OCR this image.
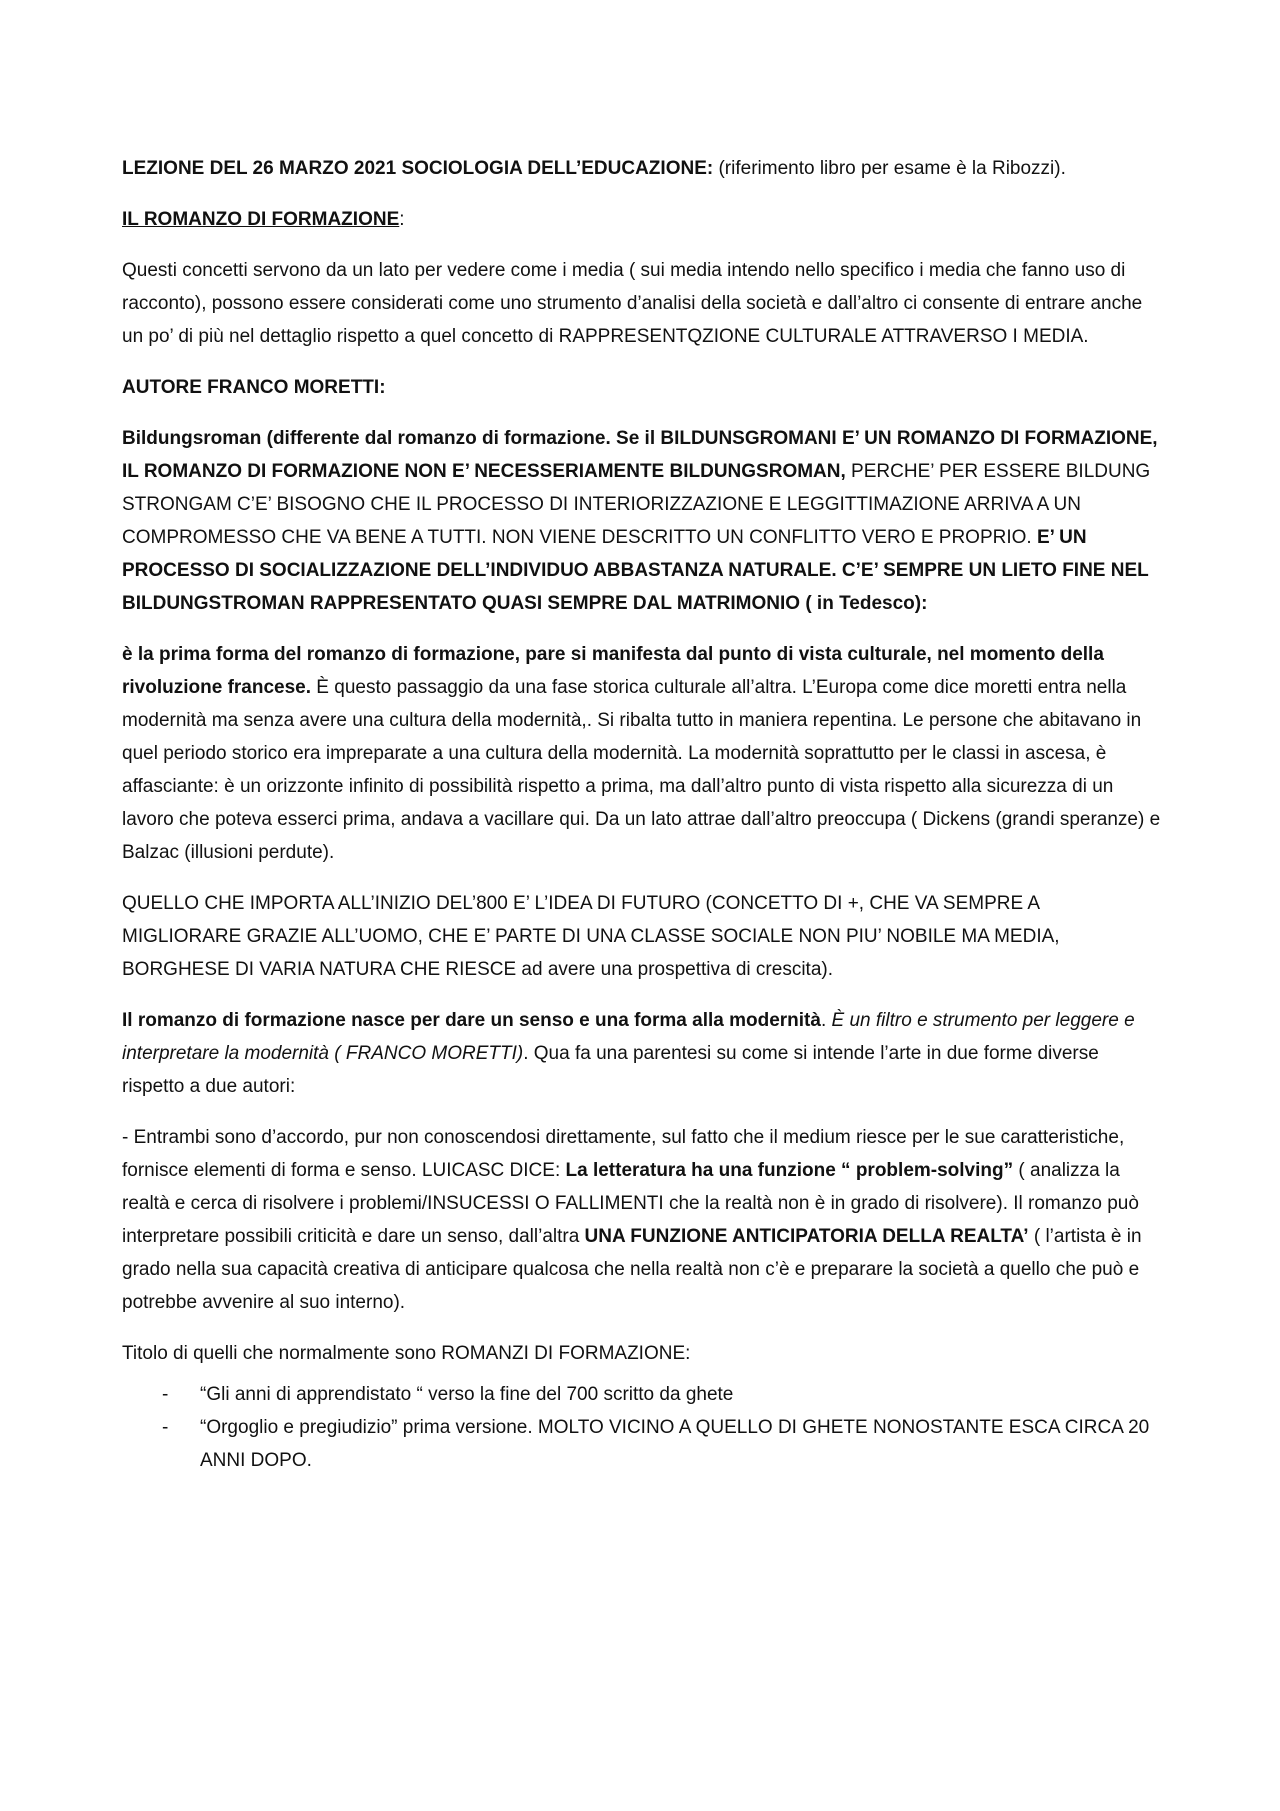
LEZIONE DEL 26 MARZO 2021 SOCIOLOGIA DELL’EDUCAZIONE: (riferimento libro per esame è la Ribozzi).

IL ROMANZO DI FORMAZIONE:

Questi concetti servono da un lato per vedere come i media ( sui media intendo nello specifico i media che fanno uso di racconto), possono essere considerati come uno strumento d’analisi della società e dall’altro ci consente di entrare anche un po’ di più nel dettaglio rispetto a quel concetto di RAPPRESENTQZIONE CULTURALE ATTRAVERSO I MEDIA.

AUTORE FRANCO MORETTI:

Bildungsroman (differente dal romanzo di formazione. Se il BILDUNSGROMANI E’ UN ROMANZO DI FORMAZIONE, IL ROMANZO DI FORMAZIONE NON E’ NECESSERIAMENTE BILDUNGSROMAN, PERCHE’ PER ESSERE BILDUNG STRONGAM C’E’ BISOGNO CHE IL PROCESSO DI INTERIORIZZAZIONE E LEGGITTIMAZIONE ARRIVA A UN COMPROMESSO CHE VA BENE A TUTTI. NON VIENE DESCRITTO UN CONFLITTO VERO E PROPRIO. E’ UN PROCESSO DI SOCIALIZZAZIONE DELL’INDIVIDUO ABBASTANZA NATURALE. C’E’ SEMPRE UN LIETO FINE NEL BILDUNGSTROMAN RAPPRESENTATO QUASI SEMPRE DAL MATRIMONIO ( in Tedesco):

è la prima forma del romanzo di formazione, pare si manifesta dal punto di vista culturale, nel momento della rivoluzione francese. È questo passaggio da una fase storica culturale all’altra. L’Europa come dice moretti entra nella modernità ma senza avere una cultura della modernità,. Si ribalta tutto in maniera repentina. Le persone che abitavano in quel periodo storico era impreparate a una cultura della modernità. La modernità soprattutto per le classi in ascesa, è affasciante: è un orizzonte infinito di possibilità rispetto a prima, ma dall’altro punto di vista rispetto alla sicurezza di un lavoro che poteva esserci prima, andava a vacillare qui. Da un lato attrae dall’altro preoccupa ( Dickens (grandi speranze) e Balzac (illusioni perdute).

QUELLO CHE IMPORTA ALL’INIZIO DEL’800 E’ L’IDEA DI FUTURO (CONCETTO DI +, CHE VA SEMPRE A MIGLIORARE GRAZIE ALL’UOMO, CHE E’ PARTE DI UNA CLASSE SOCIALE NON PIU’ NOBILE MA MEDIA, BORGHESE DI VARIA NATURA CHE RIESCE ad avere una prospettiva di crescita).

Il romanzo di formazione nasce per dare un senso e una forma alla modernità. È un filtro e strumento per leggere e interpretare la modernità ( FRANCO MORETTI). Qua fa una parentesi su come si intende l’arte in due forme diverse rispetto a due autori:

- Entrambi sono d’accordo, pur non conoscendosi direttamente, sul fatto che il medium riesce per le sue caratteristiche, fornisce elementi di forma e senso. LUICASC DICE: La letteratura ha una funzione “ problem-solving” ( analizza la realtà e cerca di risolvere i problemi/INSUCESSI O FALLIMENTI che la realtà non è in grado di risolvere). Il romanzo può interpretare possibili criticità e dare un senso, dall’altra UNA FUNZIONE ANTICIPATORIA DELLA REALTA’ ( l’artista è in grado nella sua capacità creativa di anticipare qualcosa che nella realtà non c’è e preparare la società a quello che può e potrebbe avvenire al suo interno).

Titolo di quelli che normalmente sono ROMANZI DI FORMAZIONE:

- “Gli anni di apprendistato “ verso la fine del 700 scritto da ghete
- “Orgoglio e pregiudizio” prima versione. MOLTO VICINO A QUELLO DI GHETE NONOSTANTE ESCA CIRCA 20 ANNI DOPO.
